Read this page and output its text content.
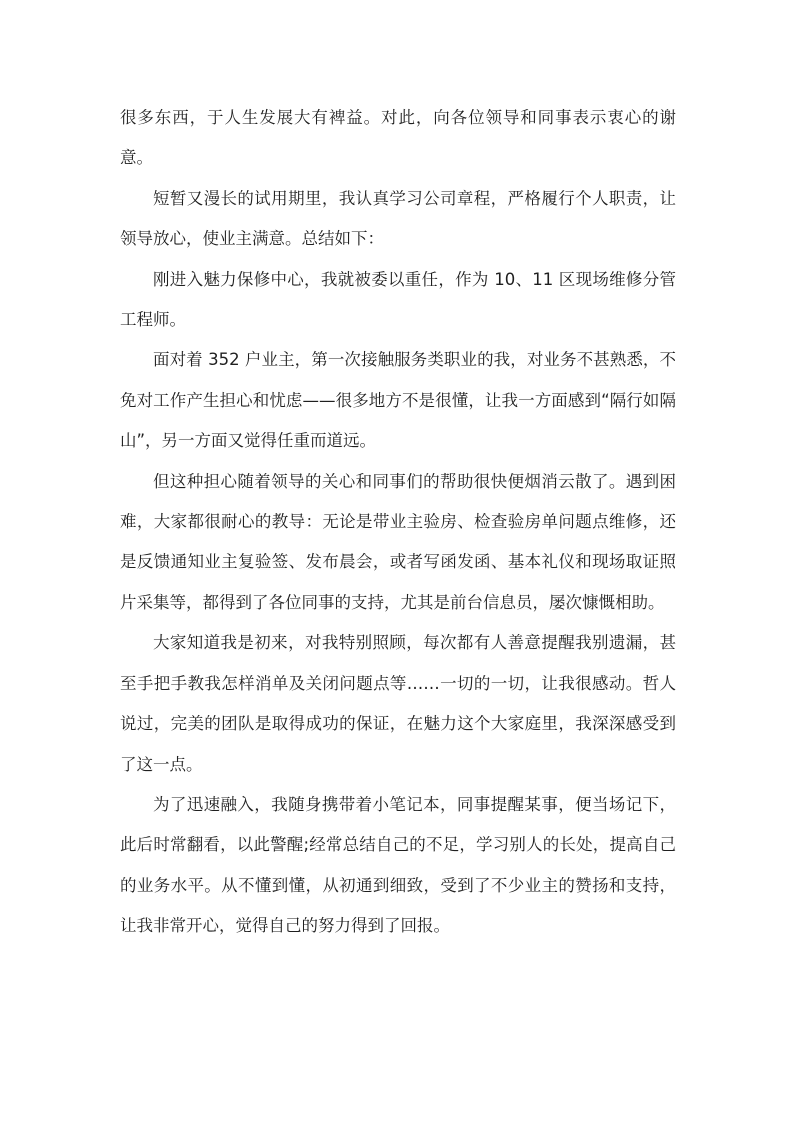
很多东西，于人生发展大有裨益。对此，向各位领导和同事表示衷心的谢意。

短暂又漫长的试用期里，我认真学习公司章程，严格履行个人职责，让领导放心，使业主满意。总结如下：

刚进入魅力保修中心，我就被委以重任，作为 10、11 区现场维修分管工程师。

面对着 352 户业主，第一次接触服务类职业的我，对业务不甚熟悉，不免对工作产生担心和忧虑——很多地方不是很懂，让我一方面感到“隔行如隔山”，另一方面又觉得任重而道远。

但这种担心随着领导的关心和同事们的帮助很快便烟消云散了。遇到困难，大家都很耐心的教导：无论是带业主验房、检查验房单问题点维修，还是反馈通知业主复验签、发布晨会，或者写函发函、基本礼仪和现场取证照片采集等，都得到了各位同事的支持，尤其是前台信息员，屡次慷慨相助。

大家知道我是初来，对我特别照顾，每次都有人善意提醒我别遗漏，甚至手把手教我怎样消单及关闭问题点等……一切的一切，让我很感动。哲人说过，完美的团队是取得成功的保证，在魅力这个大家庭里，我深深感受到了这一点。

为了迅速融入，我随身携带着小笔记本，同事提醒某事，便当场记下，此后时常翻看，以此警醒;经常总结自己的不足，学习别人的长处，提高自己的业务水平。从不懂到懂，从初通到细致，受到了不少业主的赞扬和支持，让我非常开心，觉得自己的努力得到了回报。
